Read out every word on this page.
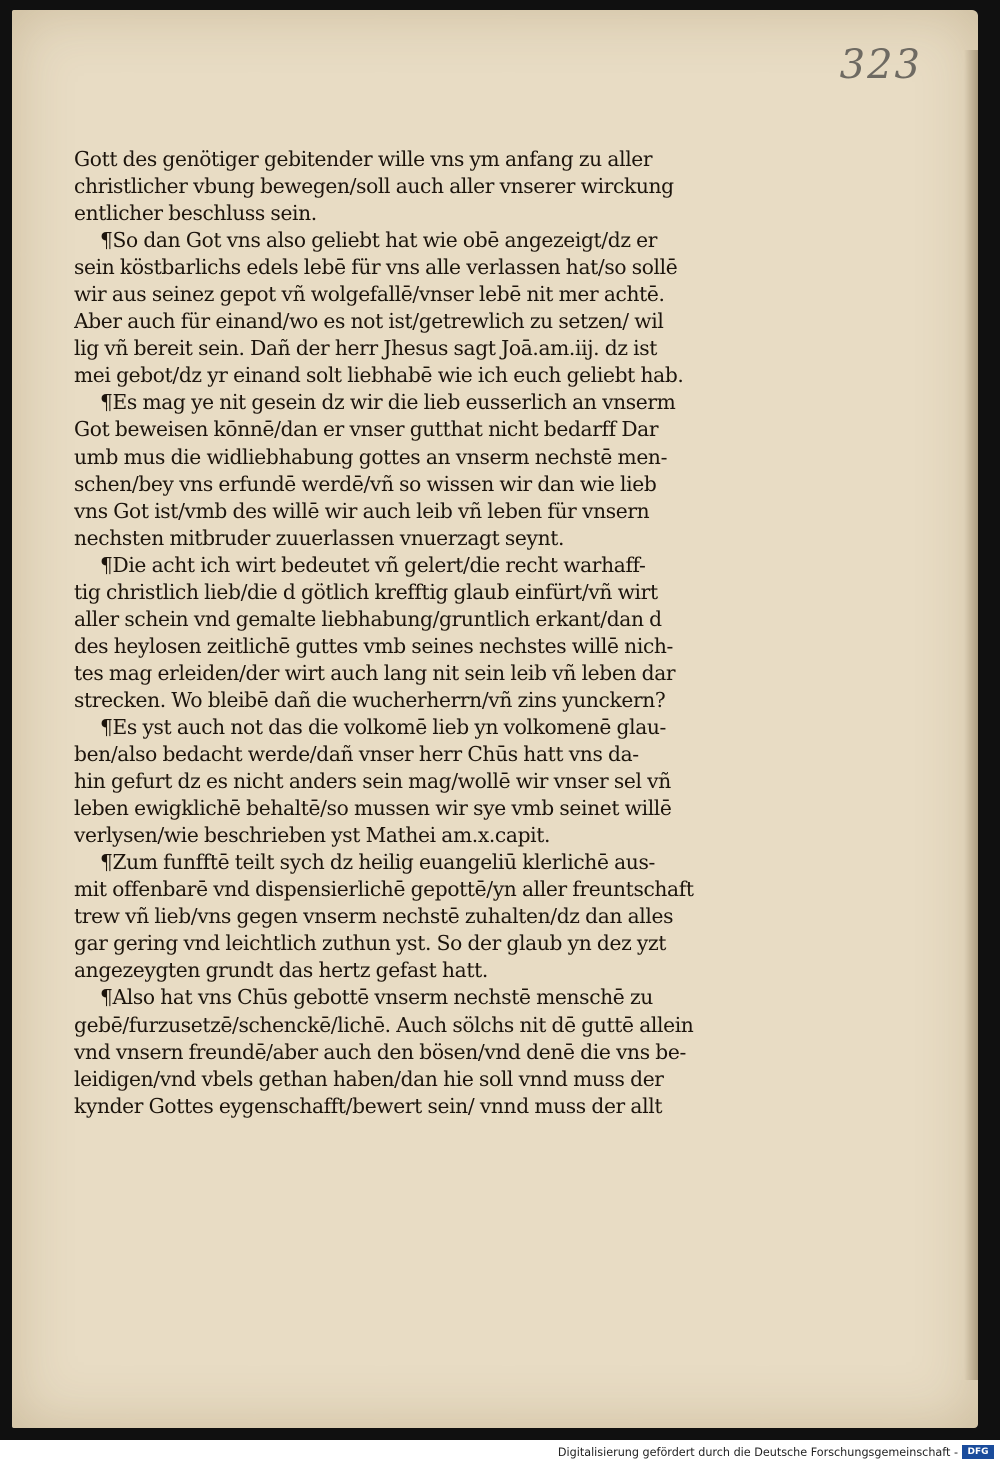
323
Gott des genötiger gebitender wille vns ym anfang zu aller
christlicher vbung bewegen/soll auch aller vnserer wirckung
entlicher beschluss sein.
¶So dan Got vns also geliebt hat wie obē angezeigt/dz er
sein köstbarlichs edels lebē für vns alle verlassen hat/so sollē
wir aus seinez gepot vñ wolgefallē/vnser lebē nit mer achtē.
Aber auch für einand/wo es not ist/getrewlich zu setzen/ wil
lig vñ bereit sein. Dañ der herr Jhesus sagt Joā.am.iij. dz ist
mei gebot/dz yr einand solt liebhabē wie ich euch geliebt hab.
¶Es mag ye nit gesein dz wir die lieb eusserlich an vnserm
Got beweisen kōnnē/dan er vnser gutthat nicht bedarff Dar
umb mus die widliebhabung gottes an vnserm nechstē men-
schen/bey vns erfundē werdē/vñ so wissen wir dan wie lieb
vns Got ist/vmb des willē wir auch leib vñ leben für vnsern
nechsten mitbruder zuuerlassen vnuerzagt seynt.
¶Die acht ich wirt bedeutet vñ gelert/die recht warhaff-
tig christlich lieb/die d götlich krefftig glaub einfürt/vñ wirt
aller schein vnd gemalte liebhabung/gruntlich erkant/dan d
des heylosen zeitlichē guttes vmb seines nechstes willē nich-
tes mag erleiden/der wirt auch lang nit sein leib vñ leben dar
strecken. Wo bleibē dañ die wucherherrn/vñ zins yunckern?
¶Es yst auch not das die volkomē lieb yn volkomenē glau-
ben/also bedacht werde/dañ vnser herr Chūs hatt vns da-
hin gefurt dz es nicht anders sein mag/wollē wir vnser sel vñ
leben ewigklichē behaltē/so mussen wir sye vmb seinet willē
verlysen/wie beschrieben yst Mathei am.x.capit.
¶Zum funfftē teilt sych dz heilig euangeliū klerlichē aus-
mit offenbarē vnd dispensierlichē gepottē/yn aller freuntschaft
trew vñ lieb/vns gegen vnserm nechstē zuhalten/dz dan alles
gar gering vnd leichtlich zuthun yst. So der glaub yn dez yzt
angezeygten grundt das hertz gefast hatt.
¶Also hat vns Chūs gebottē vnserm nechstē menschē zu
gebē/furzusetzē/schenckē/lichē. Auch sölchs nit dē guttē allein
vnd vnsern freundē/aber auch den bösen/vnd denē die vns be-
leidigen/vnd vbels gethan haben/dan hie soll vnnd muss der
kynder Gottes eygenschafft/bewert sein/ vnnd muss der allt
Digitalisierung gefördert durch die Deutsche Forschungsgemeinschaft -	DFG
